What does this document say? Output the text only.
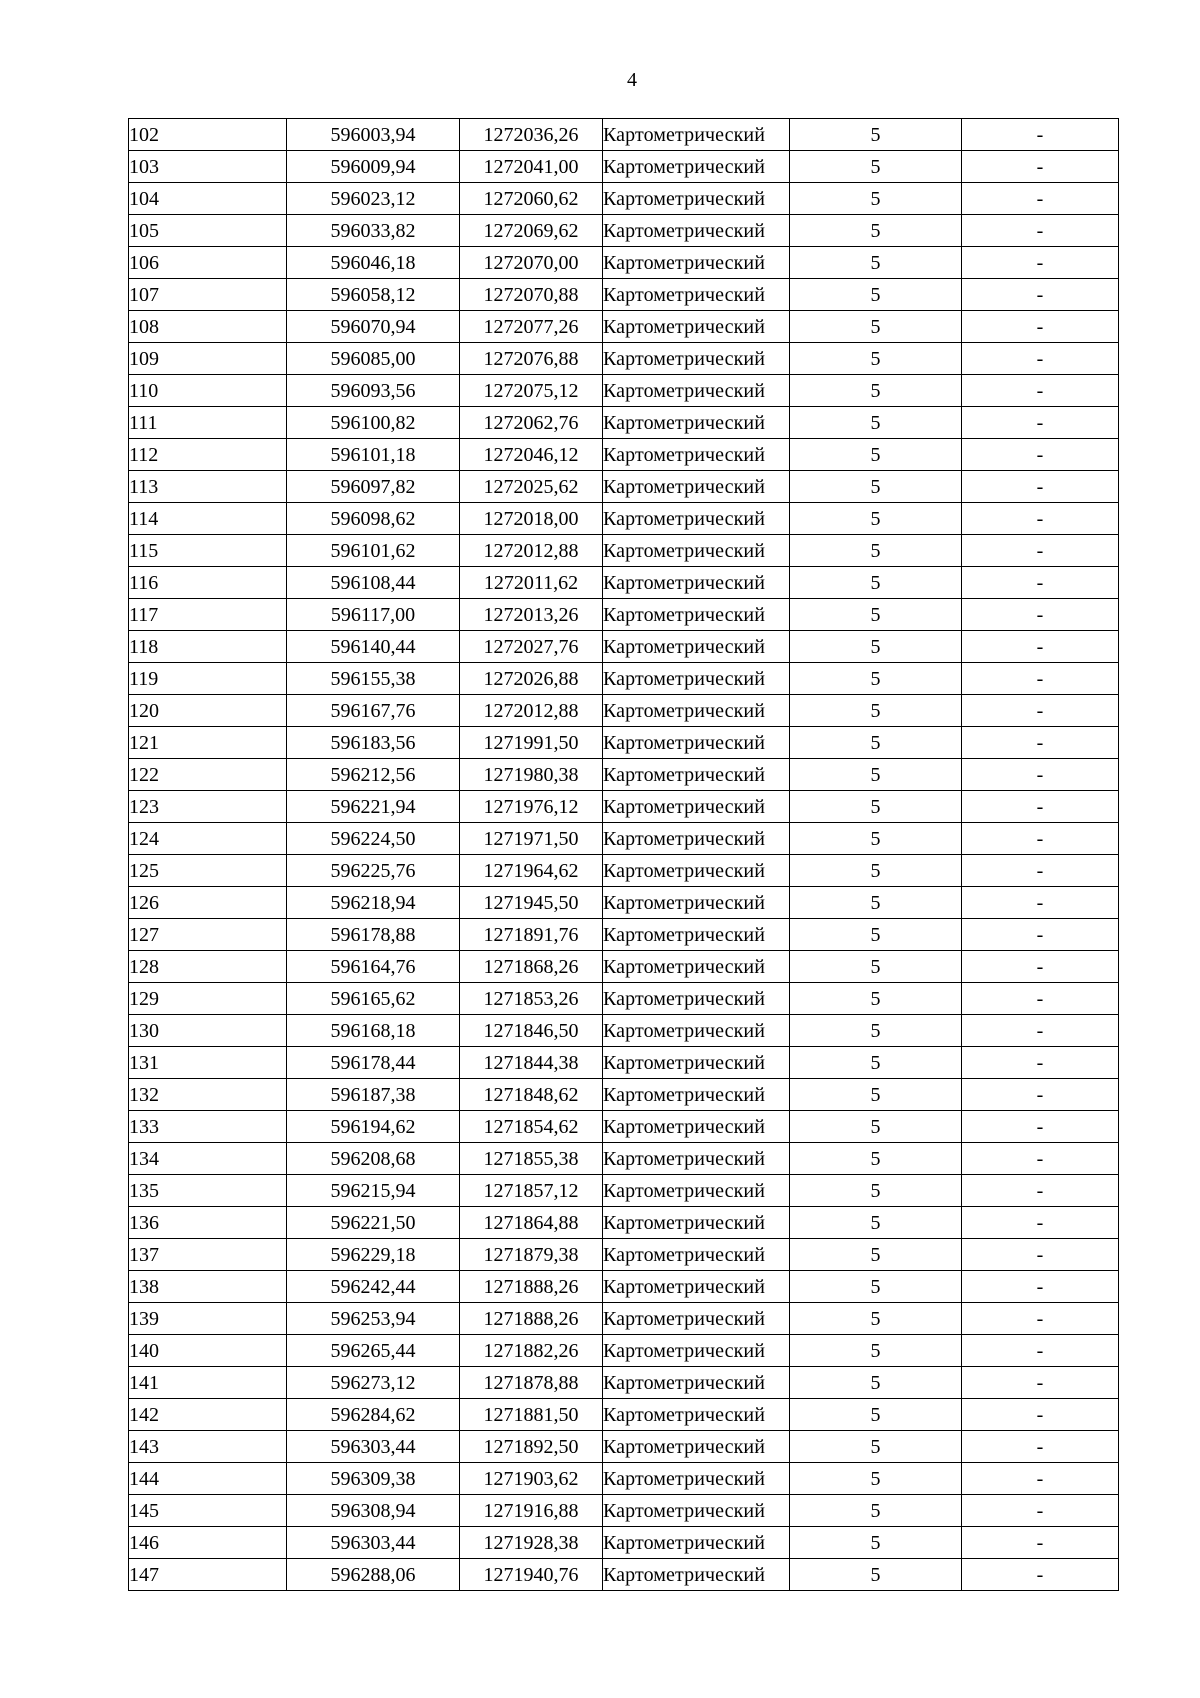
4
102	596003,94	1272036,26	Картометрический	5	-
103	596009,94	1272041,00	Картометрический	5	-
104	596023,12	1272060,62	Картометрический	5	-
105	596033,82	1272069,62	Картометрический	5	-
106	596046,18	1272070,00	Картометрический	5	-
107	596058,12	1272070,88	Картометрический	5	-
108	596070,94	1272077,26	Картометрический	5	-
109	596085,00	1272076,88	Картометрический	5	-
110	596093,56	1272075,12	Картометрический	5	-
111	596100,82	1272062,76	Картометрический	5	-
112	596101,18	1272046,12	Картометрический	5	-
113	596097,82	1272025,62	Картометрический	5	-
114	596098,62	1272018,00	Картометрический	5	-
115	596101,62	1272012,88	Картометрический	5	-
116	596108,44	1272011,62	Картометрический	5	-
117	596117,00	1272013,26	Картометрический	5	-
118	596140,44	1272027,76	Картометрический	5	-
119	596155,38	1272026,88	Картометрический	5	-
120	596167,76	1272012,88	Картометрический	5	-
121	596183,56	1271991,50	Картометрический	5	-
122	596212,56	1271980,38	Картометрический	5	-
123	596221,94	1271976,12	Картометрический	5	-
124	596224,50	1271971,50	Картометрический	5	-
125	596225,76	1271964,62	Картометрический	5	-
126	596218,94	1271945,50	Картометрический	5	-
127	596178,88	1271891,76	Картометрический	5	-
128	596164,76	1271868,26	Картометрический	5	-
129	596165,62	1271853,26	Картометрический	5	-
130	596168,18	1271846,50	Картометрический	5	-
131	596178,44	1271844,38	Картометрический	5	-
132	596187,38	1271848,62	Картометрический	5	-
133	596194,62	1271854,62	Картометрический	5	-
134	596208,68	1271855,38	Картометрический	5	-
135	596215,94	1271857,12	Картометрический	5	-
136	596221,50	1271864,88	Картометрический	5	-
137	596229,18	1271879,38	Картометрический	5	-
138	596242,44	1271888,26	Картометрический	5	-
139	596253,94	1271888,26	Картометрический	5	-
140	596265,44	1271882,26	Картометрический	5	-
141	596273,12	1271878,88	Картометрический	5	-
142	596284,62	1271881,50	Картометрический	5	-
143	596303,44	1271892,50	Картометрический	5	-
144	596309,38	1271903,62	Картометрический	5	-
145	596308,94	1271916,88	Картометрический	5	-
146	596303,44	1271928,38	Картометрический	5	-
147	596288,06	1271940,76	Картометрический	5	-
